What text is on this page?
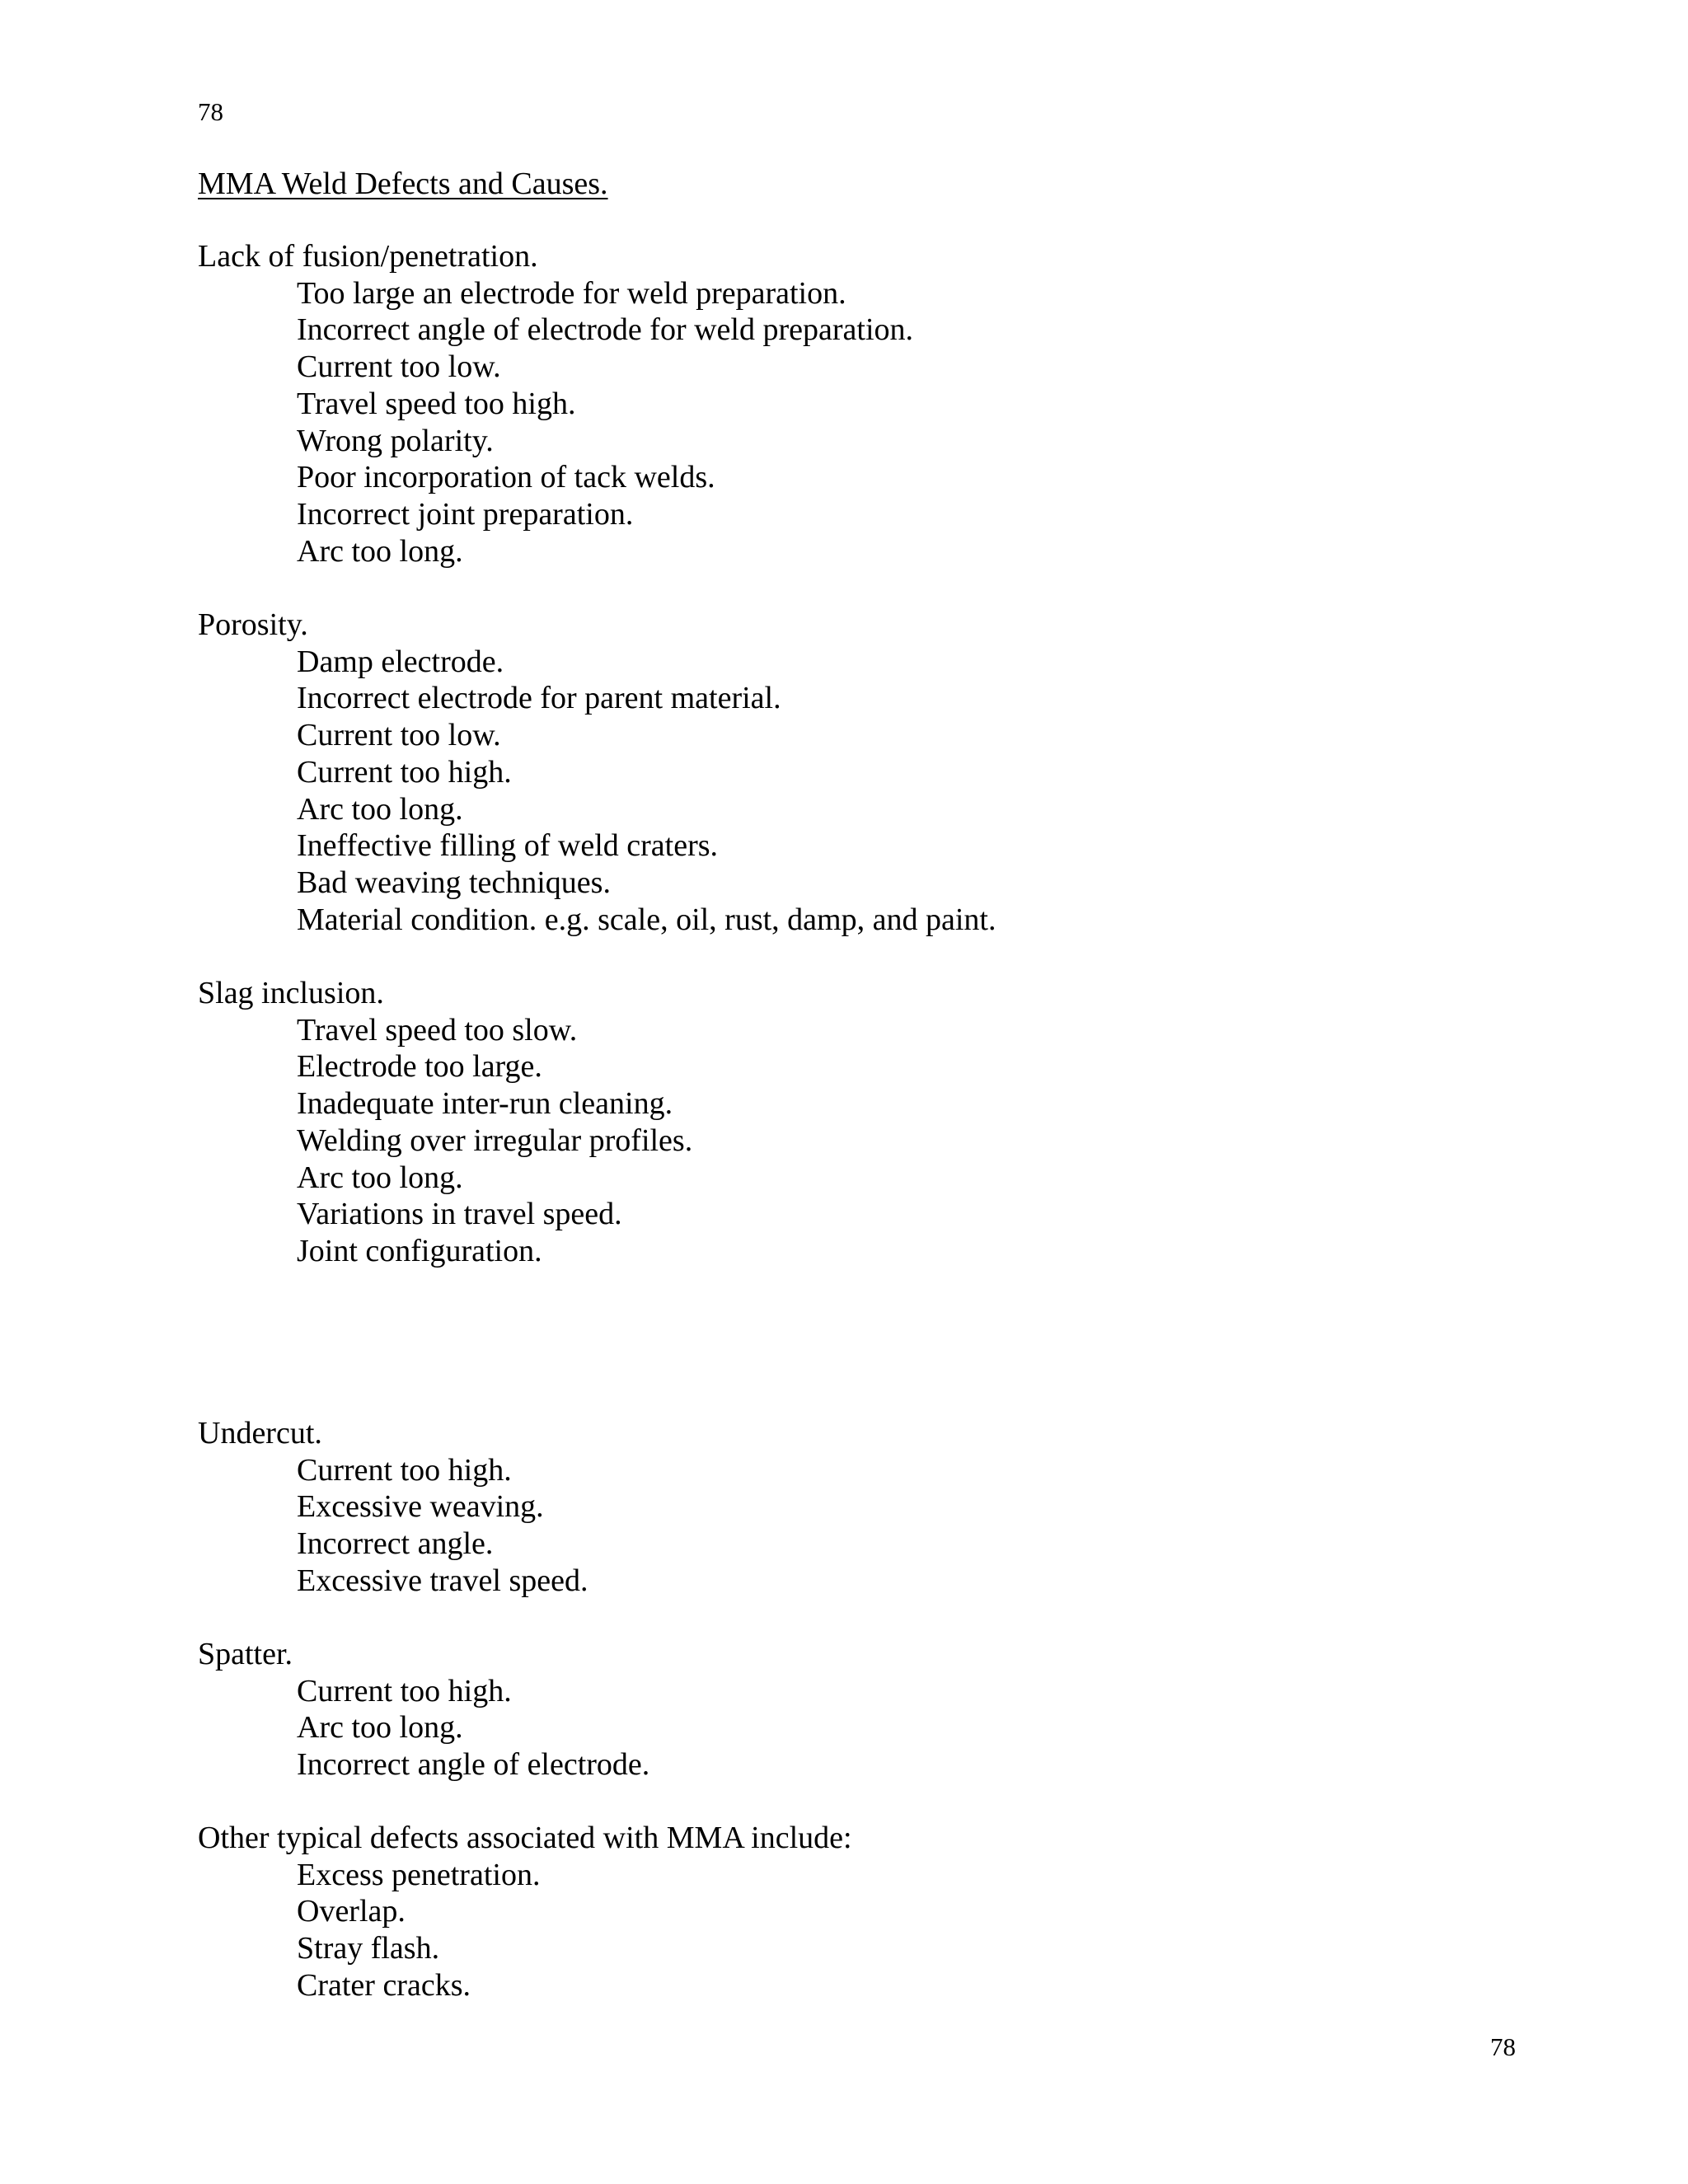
78
MMA Weld Defects and Causes.
Lack of fusion/penetration.
Too large an electrode for weld preparation.
Incorrect angle of electrode for weld preparation.
Current too low.
Travel speed too high.
Wrong polarity.
Poor incorporation of tack welds.
Incorrect joint preparation.
Arc too long.
Porosity.
Damp electrode.
Incorrect electrode for parent material.
Current too low.
Current too high.
Arc too long.
Ineffective filling of weld craters.
Bad weaving techniques.
Material condition. e.g. scale, oil, rust, damp, and paint.
Slag inclusion.
Travel speed too slow.
Electrode too large.
Inadequate inter-run cleaning.
Welding over irregular profiles.
Arc too long.
Variations in travel speed.
Joint configuration.
Undercut.
Current too high.
Excessive weaving.
Incorrect angle.
Excessive travel speed.
Spatter.
Current too high.
Arc too long.
Incorrect angle of electrode.
Other typical defects associated with MMA include:
Excess penetration.
Overlap.
Stray flash.
Crater cracks.
78
